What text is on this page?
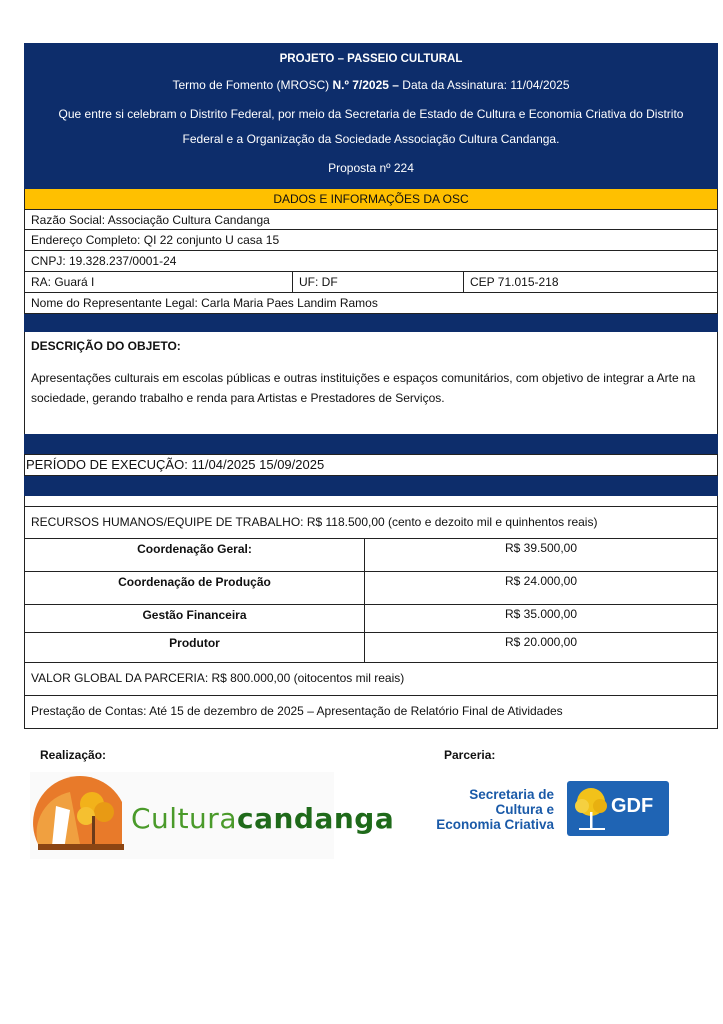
PROJETO – PASSEIO CULTURAL
Termo de Fomento (MROSC) N.º 7/2025 – Data da Assinatura: 11/04/2025
Que entre si celebram o Distrito Federal, por meio da Secretaria de Estado de Cultura e Economia Criativa do Distrito
Federal e a Organização da Sociedade Associação Cultura Candanga.
Proposta nº 224
DADOS E INFORMAÇÕES DA OSC
Razão Social: Associação Cultura Candanga
Endereço Completo: QI 22 conjunto U casa 15
CNPJ: 19.328.237/0001-24
RA: Guará I	UF: DF	CEP 71.015-218
Nome do Representante Legal: Carla Maria Paes Landim Ramos
DESCRIÇÃO DO OBJETO:
Apresentações culturais em escolas públicas e outras instituições e espaços comunitários, com objetivo de integrar a Arte na sociedade, gerando trabalho e renda para Artistas e Prestadores de Serviços.
PERÍODO DE EXECUÇÃO: 11/04/2025 15/09/2025
RECURSOS HUMANOS/EQUIPE DE TRABALHO: R$ 118.500,00 (cento e dezoito mil e quinhentos reais)
Coordenação Geral:	R$ 39.500,00
Coordenação de Produção	R$ 24.000,00
Gestão Financeira	R$ 35.000,00
Produtor	R$ 20.000,00
VALOR GLOBAL DA PARCERIA: R$ 800.000,00 (oitocentos mil reais)
Prestação de Contas: Até 15 de dezembro de 2025 – Apresentação de Relatório Final de Atividades
Realização:	Parceria:
Culturacandanga
Secretaria de
Cultura e
Economia Criativa
GDF
